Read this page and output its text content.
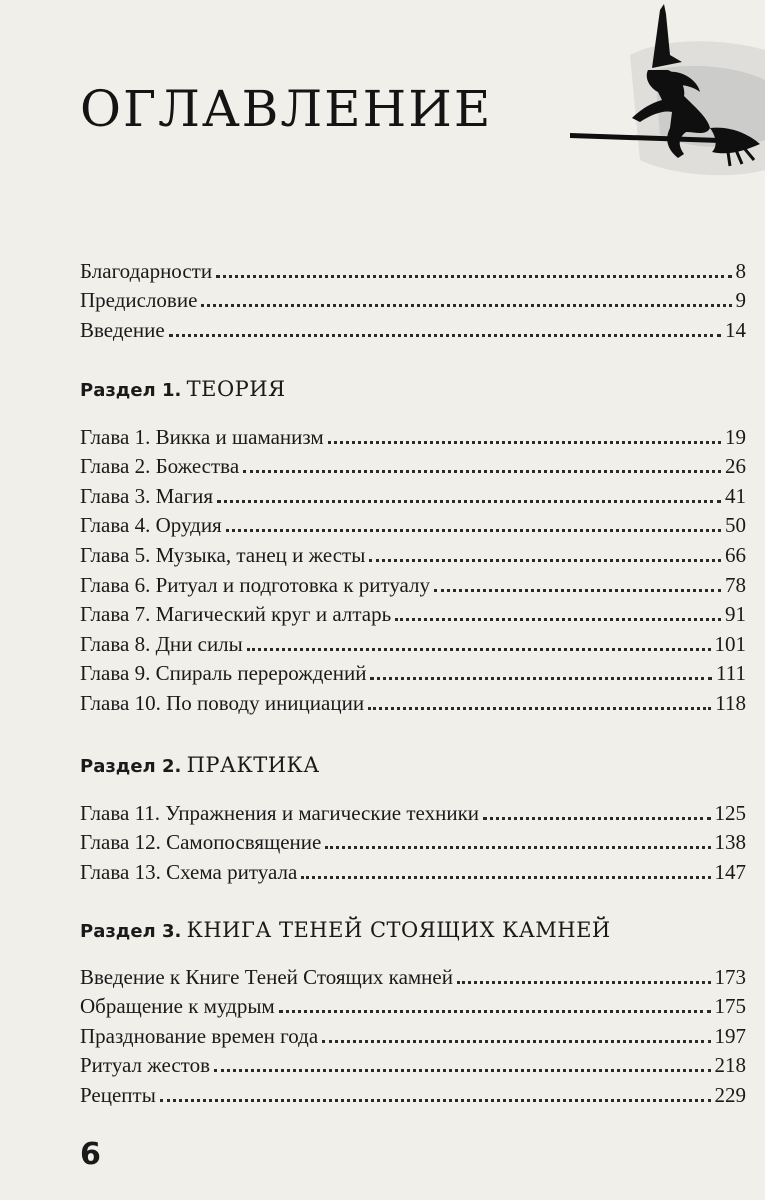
ОГЛАВЛЕНИЕ
Благодарности	8
Предисловие	9
Введение	14
Раздел 1. ТЕОРИЯ
Глава 1. Викка и шаманизм	19
Глава 2. Божества	26
Глава 3. Магия	41
Глава 4. Орудия	50
Глава 5. Музыка, танец и жесты	66
Глава 6. Ритуал и подготовка к ритуалу	78
Глава 7. Магический круг и алтарь	91
Глава 8. Дни силы	101
Глава 9. Спираль перерождений	111
Глава 10. По поводу инициации	118
Раздел 2. ПРАКТИКА
Глава 11. Упражнения и магические техники	125
Глава 12. Самопосвящение	138
Глава 13. Схема ритуала	147
Раздел 3. КНИГА ТЕНЕЙ СТОЯЩИХ КАМНЕЙ
Введение к Книге Теней Стоящих камней	173
Обращение к мудрым	175
Празднование времен года	197
Ритуал жестов	218
Рецепты	229
6
